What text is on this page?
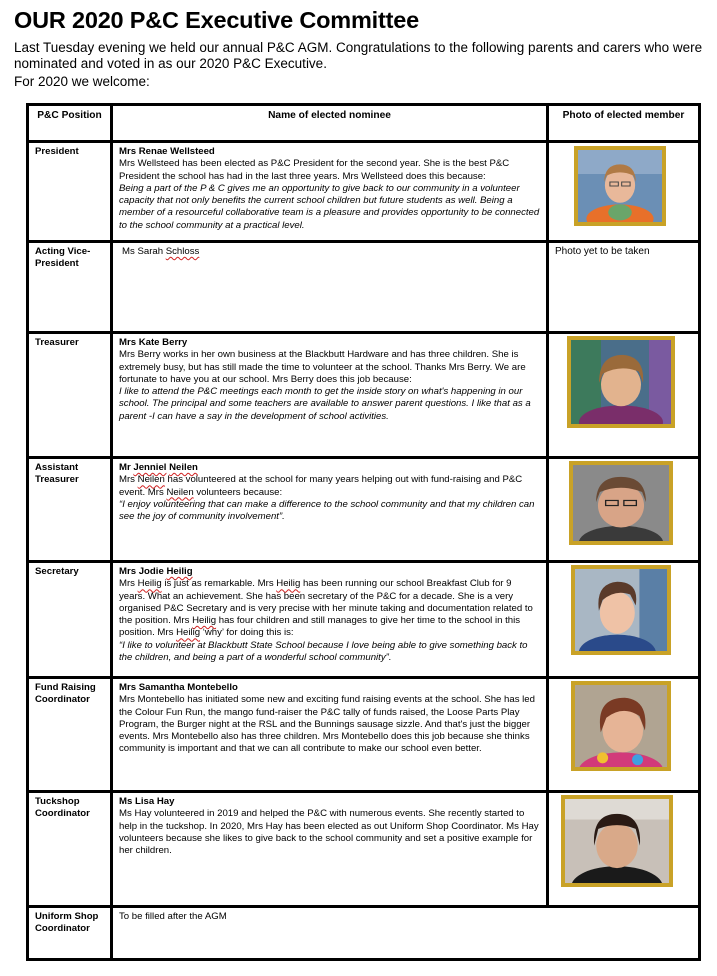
OUR 2020 P&C Executive Committee
Last Tuesday evening we held our annual P&C AGM. Congratulations to the following parents and carers who were
nominated and voted in as our 2020 P&C Executive.
For 2020 we welcome:
P&C Position	Name of elected nominee	Photo of elected member
President	Mrs Renae Wellsteed
Mrs Wellsteed has been elected as P&C President for the second year. She is the best P&C President the school has had in the last three years. Mrs Wellsteed does this because:
Being a part of the P & C gives me an opportunity to give back to our community in a volunteer capacity that not only benefits the current school children but future students as well. Being a member of a resourceful collaborative team is a pleasure and provides opportunity to be connected to the school community at a practical level.

Acting Vice-President	Ms Sarah Schloss	Photo yet to be taken

Treasurer	Mrs Kate Berry
Mrs Berry works in her own business at the Blackbutt Hardware and has three children. She is extremely busy, but has still made the time to volunteer at the school. Thanks Mrs Berry. We are fortunate to have you at our school. Mrs Berry does this job because:
I like to attend the P&C meetings each month to get the inside story on what's happening in our school. The principal and some teachers are available to answer parent questions. I like that as a parent -I can have a say in the development of school activities.

Assistant Treasurer	Mr Jenniel Neilen
Mrs Neilen has volunteered at the school for many years helping out with fund-raising and P&C event. Mrs Neilen volunteers because:
“I enjoy volunteering that can make a difference to the school community and that my children can see the joy of community involvement”.

Secretary	Mrs Jodie Heilig
Mrs Heilig is just as remarkable. Mrs Heilig has been running our school Breakfast Club for 9 years. What an achievement. She has been secretary of the P&C for a decade. She is a very organised P&C Secretary and is very precise with her minute taking and documentation related to the position. Mrs Heilig has four children and still manages to give her time to the school in this position. Mrs Heilig ‘why’ for doing this is:
“I like to volunteer at Blackbutt State School because I love being able to give something back to the children, and being a part of a wonderful school community”.

Fund Raising Coordinator	Mrs Samantha Montebello
Mrs Montebello has initiated some new and exciting fund raising events at the school. She has led the Colour Fun Run, the mango fund-raiser the P&C tally of funds raised, the Loose Parts Play Program, the Burger night at the RSL and the Bunnings sausage sizzle. And that's just the bigger events. Mrs Montebello also has three children. Mrs Montebello does this job because she thinks community is important and that we can all contribute to make our school even better.

Tuckshop Coordinator	Ms Lisa Hay
Ms Hay volunteered in 2019 and helped the P&C with numerous events. She recently started to help in the tuckshop. In 2020, Mrs Hay has been elected as out Uniform Shop Coordinator. Ms Hay volunteers because she likes to give back to the school community and set a positive example for her children.

Uniform Shop Coordinator	To be filled after the AGM	
